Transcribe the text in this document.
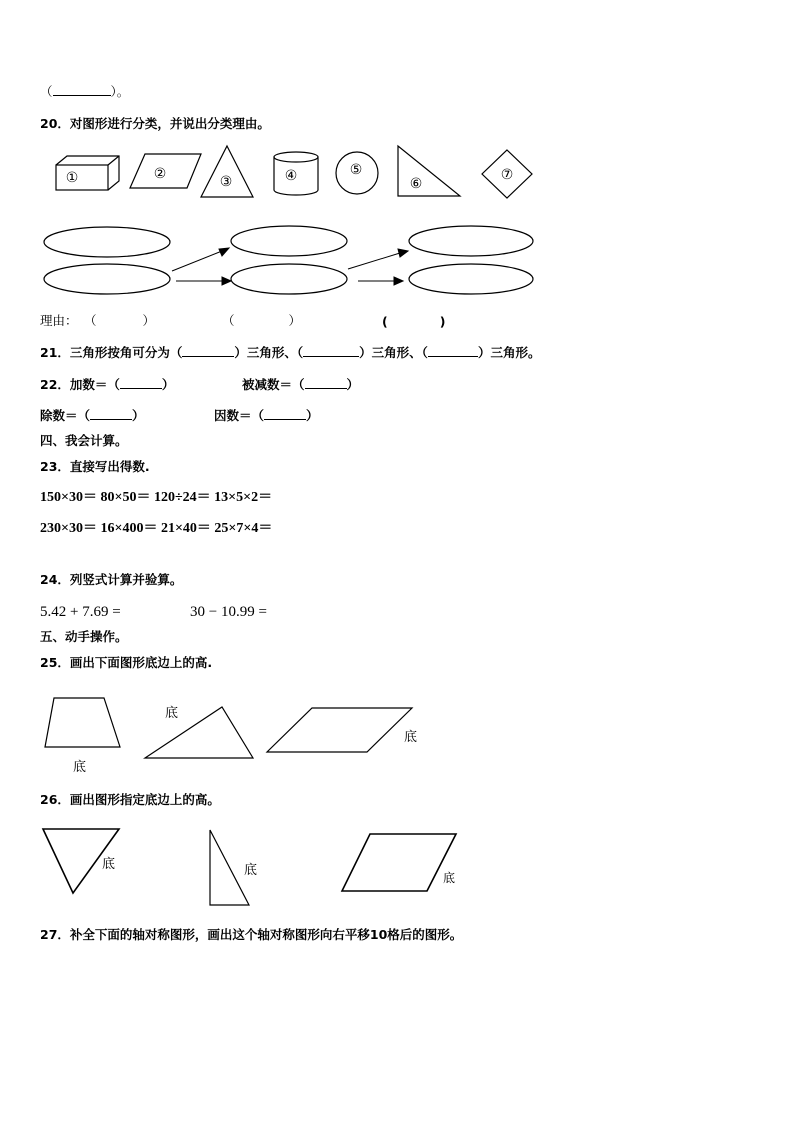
（	）。
20．对图形进行分类，并说出分类理由。
①	②	③	④	⑤
⑥
⑦
理由： （	）	（	）	(	)
21．三角形按角可分为（	）三角形、（	）三角形、（	）三角形。
22．加数＝（	）	被减数＝（	）
除数＝（	）	因数＝（	）
四、我会计算。
23．直接写出得数.
150×30＝ 80×50＝ 120÷24＝ 13×5×2＝
230×30＝ 16×400＝ 21×40＝ 25×7×4＝
24．列竖式计算并验算。
5.42 + 7.69 =	30 − 10.99 =
五、动手操作。
25．画出下面图形底边上的高.
底
底
底
26．画出图形指定底边上的高。
底	底	底
27．补全下面的轴对称图形，画出这个轴对称图形向右平移10格后的图形。
